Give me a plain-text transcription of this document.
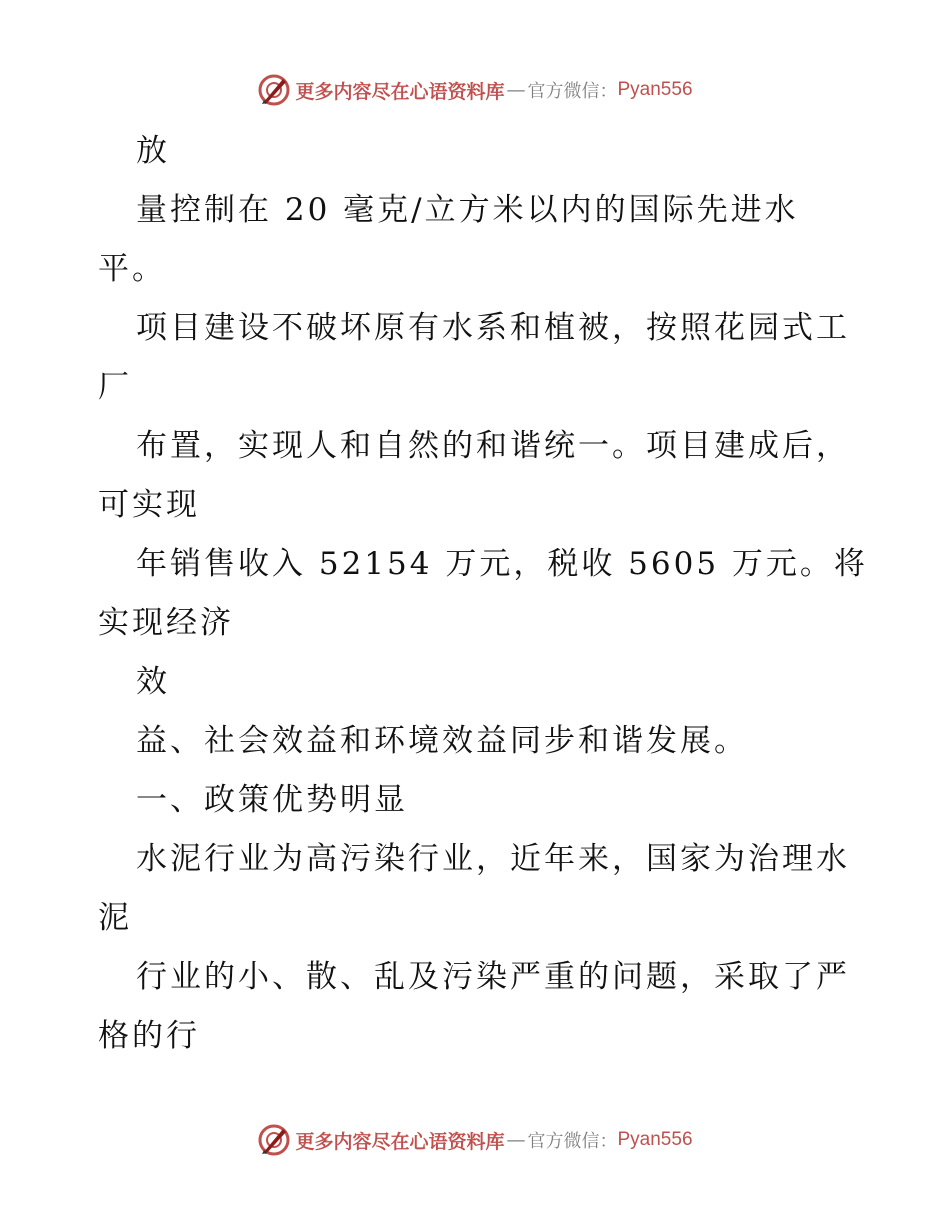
更多内容尽在心语资料库 — 官方微信： Pyan556
放
量控制在 20 毫克/立方米以内的国际先进水
平。
项目建设不破坏原有水系和植被，按照花园式工
厂
布置，实现人和自然的和谐统一。项目建成后，
可实现
年销售收入 52154 万元，税收 5605 万元。将
实现经济
效
益、社会效益和环境效益同步和谐发展。
一、政策优势明显
水泥行业为高污染行业，近年来，国家为治理水
泥
行业的小、散、乱及污染严重的问题，采取了严
格的行
更多内容尽在心语资料库 — 官方微信： Pyan556
